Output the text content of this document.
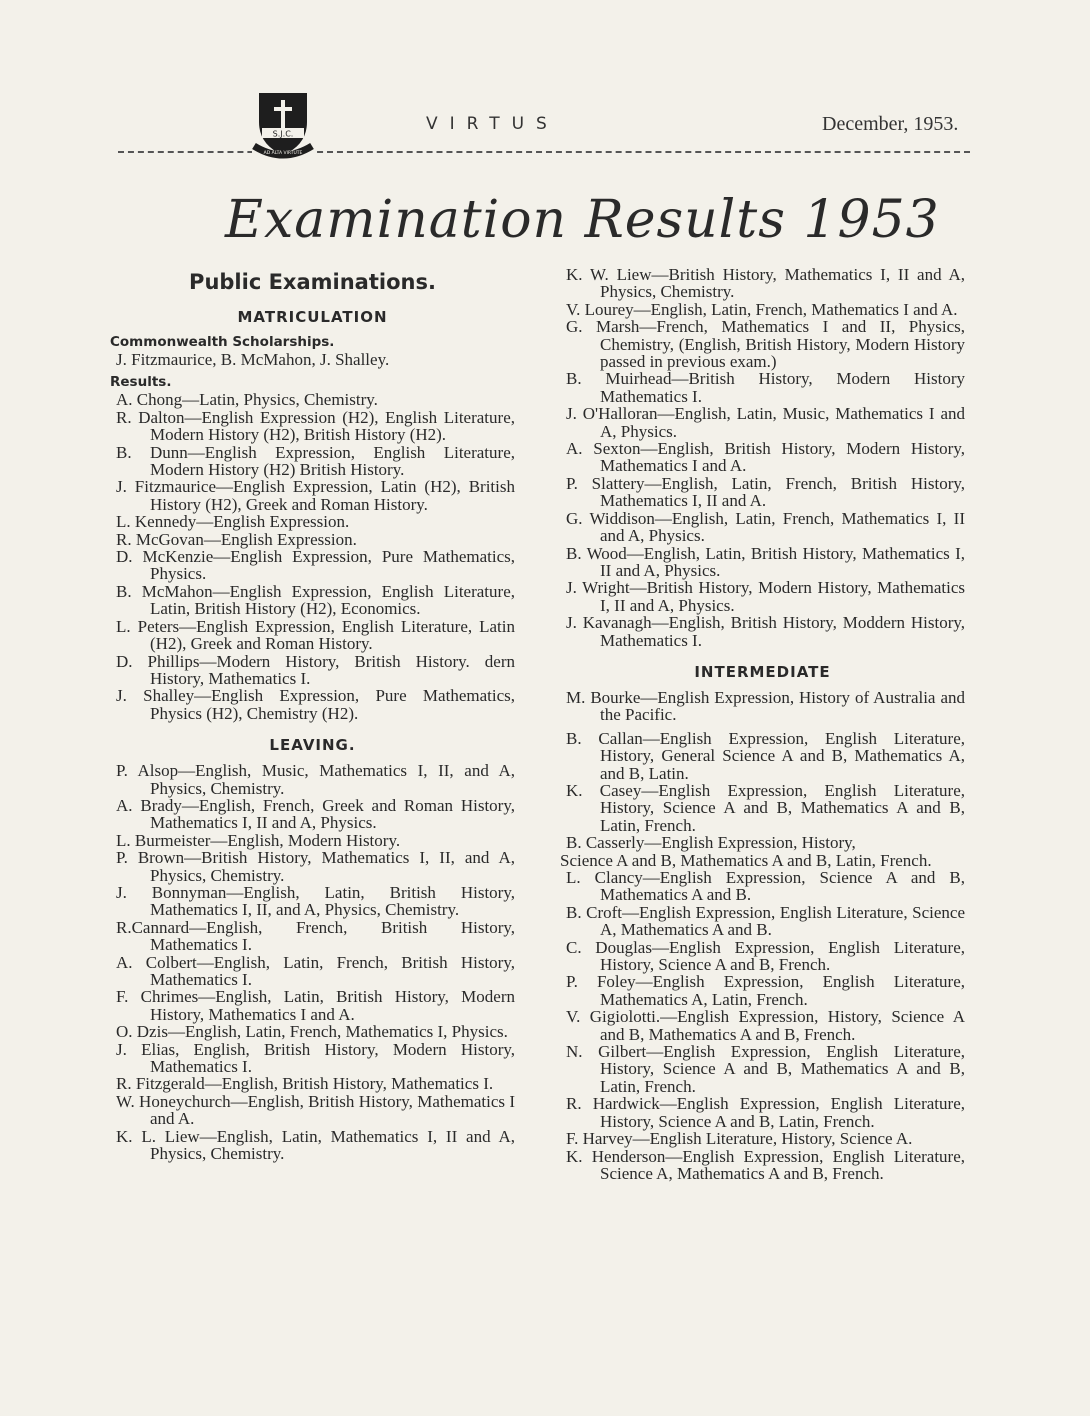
S.J.C.
AD ALTA VIRTUTE
VIRTUS	December, 1953.
Examination Results 1953
Public Examinations.
MATRICULATION
Commonwealth Scholarships.

J. Fitzmaurice, B. McMahon, J. Shalley.

Results.

A. Chong—Latin, Physics, Chemistry.

R. Dalton—English Expression (H2), English Literature, Modern History (H2), British History (H2).

B. Dunn—English Expression, English Literature, Modern History (H2) British History.

J. Fitzmaurice—English Expression, Latin (H2), British History (H2), Greek and Roman History.

L. Kennedy—English Expression.

R. McGovan—English Expression.

D. McKenzie—English Expression, Pure Mathematics, Physics.

B. McMahon—English Expression, English Literature, Latin, British History (H2), Economics.

L. Peters—English Expression, English Literature, Latin (H2), Greek and Roman History.

D. Phillips—Modern History, British History. dern History, Mathematics I.

J. Shalley—English Expression, Pure Mathematics, Physics (H2), Chemistry (H2).

LEAVING.

P. Alsop—English, Music, Mathematics I, II, and A, Physics, Chemistry.

A. Brady—English, French, Greek and Roman History, Mathematics I, II and A, Physics.

L. Burmeister—English, Modern History.

P. Brown—British History, Mathematics I, II, and A, Physics, Chemistry.

J. Bonnyman—English, Latin, British History, Mathematics I, II, and A, Physics, Chemistry.

R.Cannard—English, French, British History, Mathematics I.

A. Colbert—English, Latin, French, British History, Mathematics I.

F. Chrimes—English, Latin, British History, Modern History, Mathematics I and A.

O. Dzis—English, Latin, French, Mathematics I, Physics.

J. Elias, English, British History, Modern History, Mathematics I.

R. Fitzgerald—English, British History, Mathematics I.

W. Honeychurch—English, British History, Mathematics I and A.

K. L. Liew—English, Latin, Mathematics I, II and A, Physics, Chemistry.

K. W. Liew—British History, Mathematics I, II and A, Physics, Chemistry.

V. Lourey—English, Latin, French, Mathematics I and A.

G. Marsh—French, Mathematics I and II, Physics, Chemistry, (English, British History, Modern History passed in previous exam.)

B. Muirhead—British History, Modern History Mathematics I.

J. O'Halloran—English, Latin, Music, Mathematics I and A, Physics.

A. Sexton—English, British History, Modern History, Mathematics I and A.

P. Slattery—English, Latin, French, British History, Mathematics I, II and A.

G. Widdison—English, Latin, French, Mathematics I, II and A, Physics.

B. Wood—English, Latin, British History, Mathematics I, II and A, Physics.

J. Wright—British History, Modern History, Mathematics I, II and A, Physics.

J. Kavanagh—English, British History, Moddern History, Mathematics I.

INTERMEDIATE

M. Bourke—English Expression, History of Australia and the Pacific.

B. Callan—English Expression, English Literature, History, General Science A and B, Mathematics A, and B, Latin.

K. Casey—English Expression, English Literature, History, Science A and B, Mathematics A and B, Latin, French.

B. Casserly—English Expression, History,

Science A and B, Mathematics A and B, Latin, French.

L. Clancy—English Expression, Science A and B, Mathematics A and B.

B. Croft—English Expression, English Literature, Science A, Mathematics A and B.

C. Douglas—English Expression, English Literature, History, Science A and B, French.

P. Foley—English Expression, English Literature, Mathematics A, Latin, French.

V. Gigiolotti.—English Expression, History, Science A and B, Mathematics A and B, French.

N. Gilbert—English Expression, English Literature, History, Science A and B, Mathematics A and B, Latin, French.

R. Hardwick—English Expression, English Literature, History, Science A and B, Latin, French.

F. Harvey—English Literature, History, Science A.

K. Henderson—English Expression, English Literature, Science A, Mathematics A and B, French.
